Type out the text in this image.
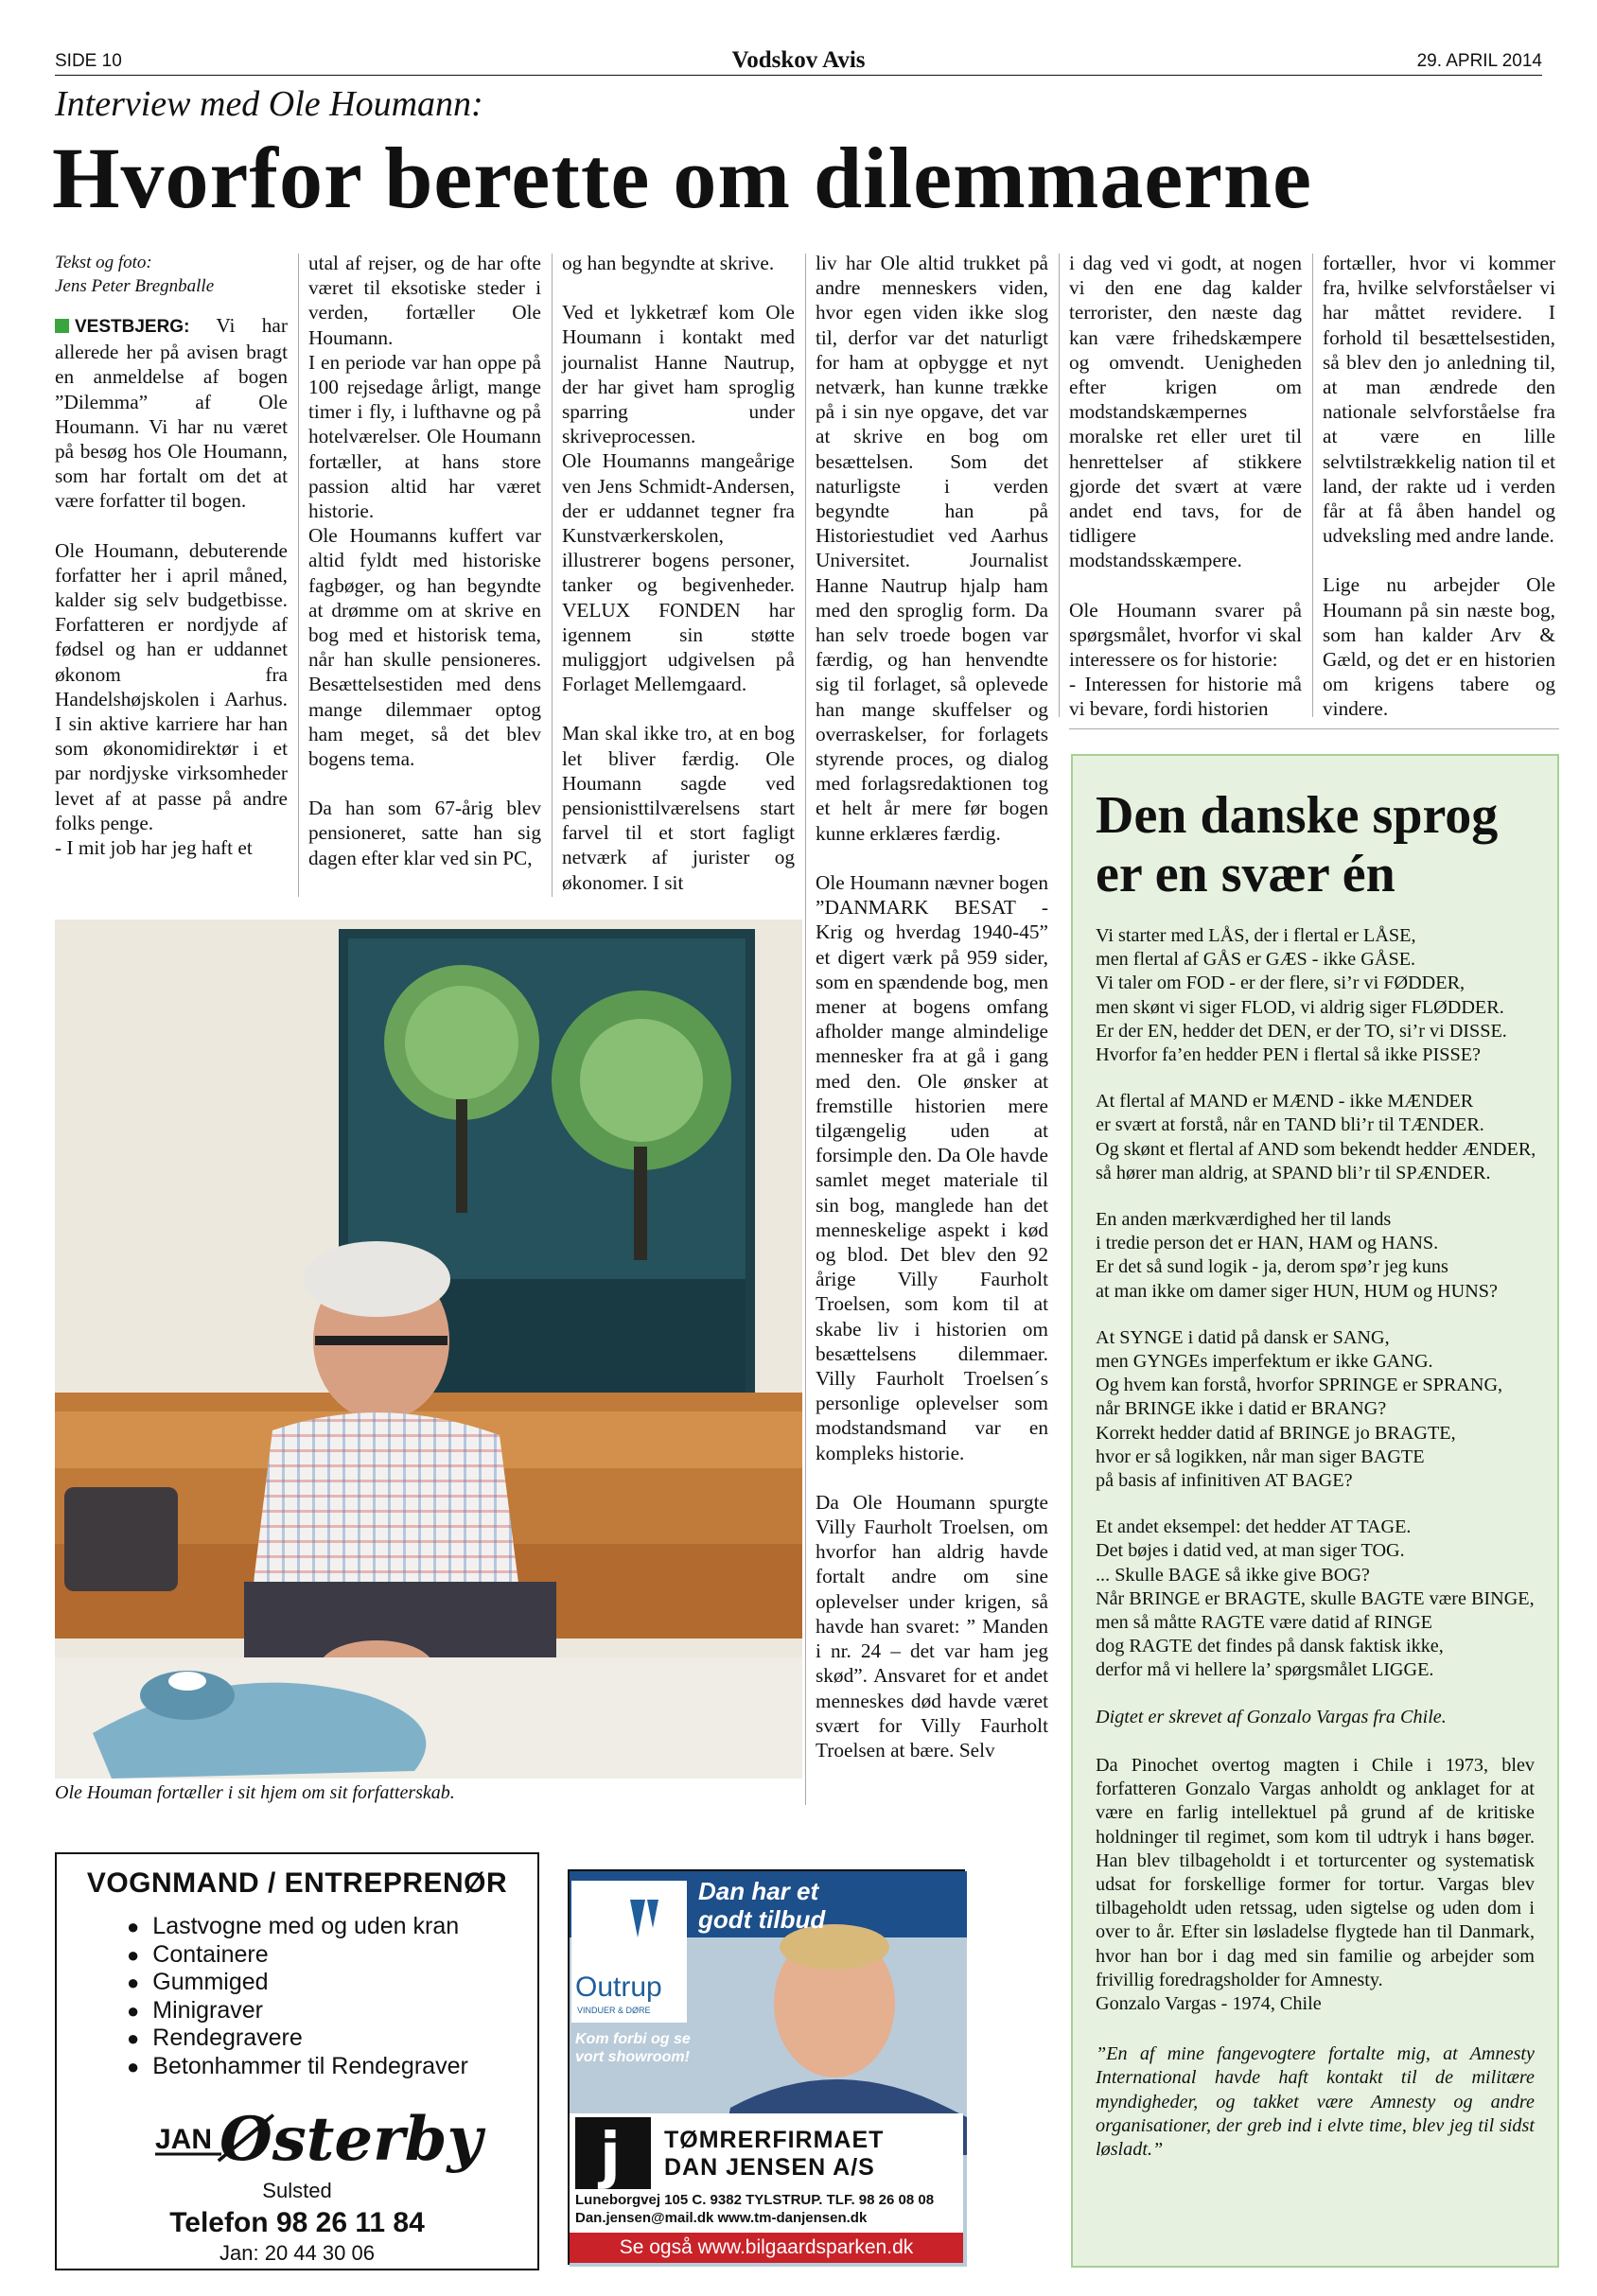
SIDE 10	Vodskov Avis	29. APRIL 2014
Interview med Ole Houmann:
Hvorfor berette om dilemmaerne
Tekst og foto:
Jens Peter Bregnballe

VESTBJERG: Vi har allerede her på avisen bragt en anmeldelse af bogen ”Dilemma” af Ole Houmann. Vi har nu været på besøg hos Ole Houmann, som har fortalt om det at være forfatter til bogen.

Ole Houmann, debuterende forfatter her i april måned, kalder sig selv budgetbisse. Forfatteren er nordjyde af fødsel og han er uddannet økonom fra Handelshøjskolen i Aarhus. I sin aktive karriere har han som økonomidirektør i et par nordjyske virksomheder levet af at passe på andre folks penge.

- I mit job har jeg haft et

utal af rejser, og de har ofte været til eksotiske steder i verden, fortæller Ole Houmann.

I en periode var han oppe på 100 rejsedage årligt, mange timer i fly, i lufthavne og på hotelværelser. Ole Houmann fortæller, at hans store passion altid har været historie.

Ole Houmanns kuffert var altid fyldt med historiske fagbøger, og han begyndte at drømme om at skrive en bog med et historisk tema, når han skulle pensioneres. Besættelsestiden med dens mange dilemmaer optog ham meget, så det blev bogens tema.

Da han som 67-årig blev pensioneret, satte han sig dagen efter klar ved sin PC,

og han begyndte at skrive.

Ved et lykketræf kom Ole Houmann i kontakt med journalist Hanne Nautrup, der har givet ham sproglig sparring under skriveprocessen.

Ole Houmanns mangeårige ven Jens Schmidt-Andersen, der er uddannet tegner fra Kunstværkerskolen, illustrerer bogens personer, tanker og begivenheder. VELUX FONDEN har igennem sin støtte muliggjort udgivelsen på Forlaget Mellemgaard.

Man skal ikke tro, at en bog let bliver færdig. Ole Houmann sagde ved pensionisttilværelsens start farvel til et stort fagligt netværk af jurister og økonomer. I sit

liv har Ole altid trukket på andre menneskers viden, hvor egen viden ikke slog til, derfor var det naturligt for ham at opbygge et nyt netværk, han kunne trække på i sin nye opgave, det var at skrive en bog om besættelsen. Som det naturligste i verden begyndte han på Historiestudiet ved Aarhus Universitet. Journalist Hanne Nautrup hjalp ham med den sproglig form. Da han selv troede bogen var færdig, og han henvendte sig til forlaget, så oplevede han mange skuffelser og overraskelser, for forlagets styrende proces, og dialog med forlagsredaktionen tog et helt år mere før bogen kunne erklæres færdig.

Ole Houmann nævner bogen ”DANMARK BESAT - Krig og hverdag 1940-45” et digert værk på 959 sider, som en spændende bog, men mener at bogens omfang afholder mange almindelige mennesker fra at gå i gang med den. Ole ønsker at fremstille historien mere tilgængelig uden at forsimple den. Da Ole havde samlet meget materiale til sin bog, manglede han det menneskelige aspekt i kød og blod. Det blev den 92 årige Villy Faurholt Troelsen, som kom til at skabe liv i historien om besættelsens dilemmaer. Villy Faurholt Troelsen´s personlige oplevelser som modstandsmand var en kompleks historie.

Da Ole Houmann spurgte Villy Faurholt Troelsen, om hvorfor han aldrig havde fortalt andre om sine oplevelser under krigen, så havde han svaret: ” Manden i nr. 24 – det var ham jeg skød”. Ansvaret for et andet menneskes død havde været svært for Villy Faurholt Troelsen at bære. Selv

i dag ved vi godt, at nogen vi den ene dag kalder terrorister, den næste dag kan være frihedskæmpere og omvendt. Uenigheden efter krigen om modstandskæmpernes moralske ret eller uret til henrettelser af stikkere gjorde det svært at være andet end tavs, for de tidligere modstandsskæmpere.

Ole Houmann svarer på spørgsmålet, hvorfor vi skal interessere os for historie:

- Interessen for historie må vi bevare, fordi historien

fortæller, hvor vi kommer fra, hvilke selvforståelser vi har måttet revidere. I forhold til besættelsestiden, så blev den jo anledning til, at man ændrede den nationale selvforståelse fra at være en lille selvtilstrækkelig nation til et land, der rakte ud i verden får at få åben handel og udveksling med andre lande.

Lige nu arbejder Ole Houmann på sin næste bog, som han kalder Arv & Gæld, og det er en historien om krigens tabere og vindere.

Ole Houman fortæller i sit hjem om sit forfatterskab.
Den danske sprog
er en svær én
Vi starter med LÅS, der i flertal er LÅSE,
men flertal af GÅS er GÆS - ikke GÅSE.
Vi taler om FOD - er der flere, si’r vi FØDDER,
men skønt vi siger FLOD, vi aldrig siger FLØDDER.
Er der EN, hedder det DEN, er der TO, si’r vi DISSE.
Hvorfor fa’en hedder PEN i flertal så ikke PISSE?
At flertal af MAND er MÆND - ikke MÆNDER
er svært at forstå, når en TAND bli’r til TÆNDER.
Og skønt et flertal af AND som bekendt hedder ÆNDER,
så hører man aldrig, at SPAND bli’r til SPÆNDER.
En anden mærkværdighed her til lands
i tredie person det er HAN, HAM og HANS.
Er det så sund logik - ja, derom spø’r jeg kuns
at man ikke om damer siger HUN, HUM og HUNS?
At SYNGE i datid på dansk er SANG,
men GYNGEs imperfektum er ikke GANG.
Og hvem kan forstå, hvorfor SPRINGE er SPRANG,
når BRINGE ikke i datid er BRANG?
Korrekt hedder datid af BRINGE jo BRAGTE,
hvor er så logikken, når man siger BAGTE
på basis af infinitiven AT BAGE?
Et andet eksempel: det hedder AT TAGE.
Det bøjes i datid ved, at man siger TOG.
... Skulle BAGE så ikke give BOG?
Når BRINGE er BRAGTE, skulle BAGTE være BINGE,
men så måtte RAGTE være datid af RINGE
dog RAGTE det findes på dansk faktisk ikke,
derfor må vi hellere la’ spørgsmålet LIGGE.
Digtet er skrevet af Gonzalo Vargas fra Chile.
Da Pinochet overtog magten i Chile i 1973, blev forfatteren Gonzalo Vargas anholdt og anklaget for at være en farlig intellektuel på grund af de kritiske holdninger til regimet, som kom til udtryk i hans bøger. Han blev tilbageholdt i et torturcenter og systematisk udsat for forskellige former for tortur. Vargas blev tilbageholdt uden retssag, uden sigtelse og uden dom i over to år. Efter sin løsladelse flygtede han til Danmark, hvor han bor i dag med sin familie og arbejder som frivillig foredragsholder for Amnesty.
Gonzalo Vargas - 1974, Chile
”En af mine fangevogtere fortalte mig, at Amnesty International havde haft kontakt til de militære myndigheder, og takket være Amnesty og andre organisationer, der greb ind i elvte time, blev jeg til sidst løsladt.”
VOGNMAND / ENTREPRENØR
● Lastvogne med og uden kran
● Containere
● Gummiged
● Minigraver
● Rendegravere
● Betonhammer til Rendegraver
JAN Østerby
Sulsted
Telefon 98 26 11 84
Jan: 20 44 30 06
Outrup
VINDUER & DØRE
Dan har et godt tilbud
Kom forbi og se vort showroom!
j TØMRERFIRMAET DAN JENSEN A/S
Luneborgvej 105 C. 9382 TYLSTRUP. TLF. 98 26 08 08
Dan.jensen@mail.dk www.tm-danjensen.dk
Se også www.bilgaardsparken.dk
